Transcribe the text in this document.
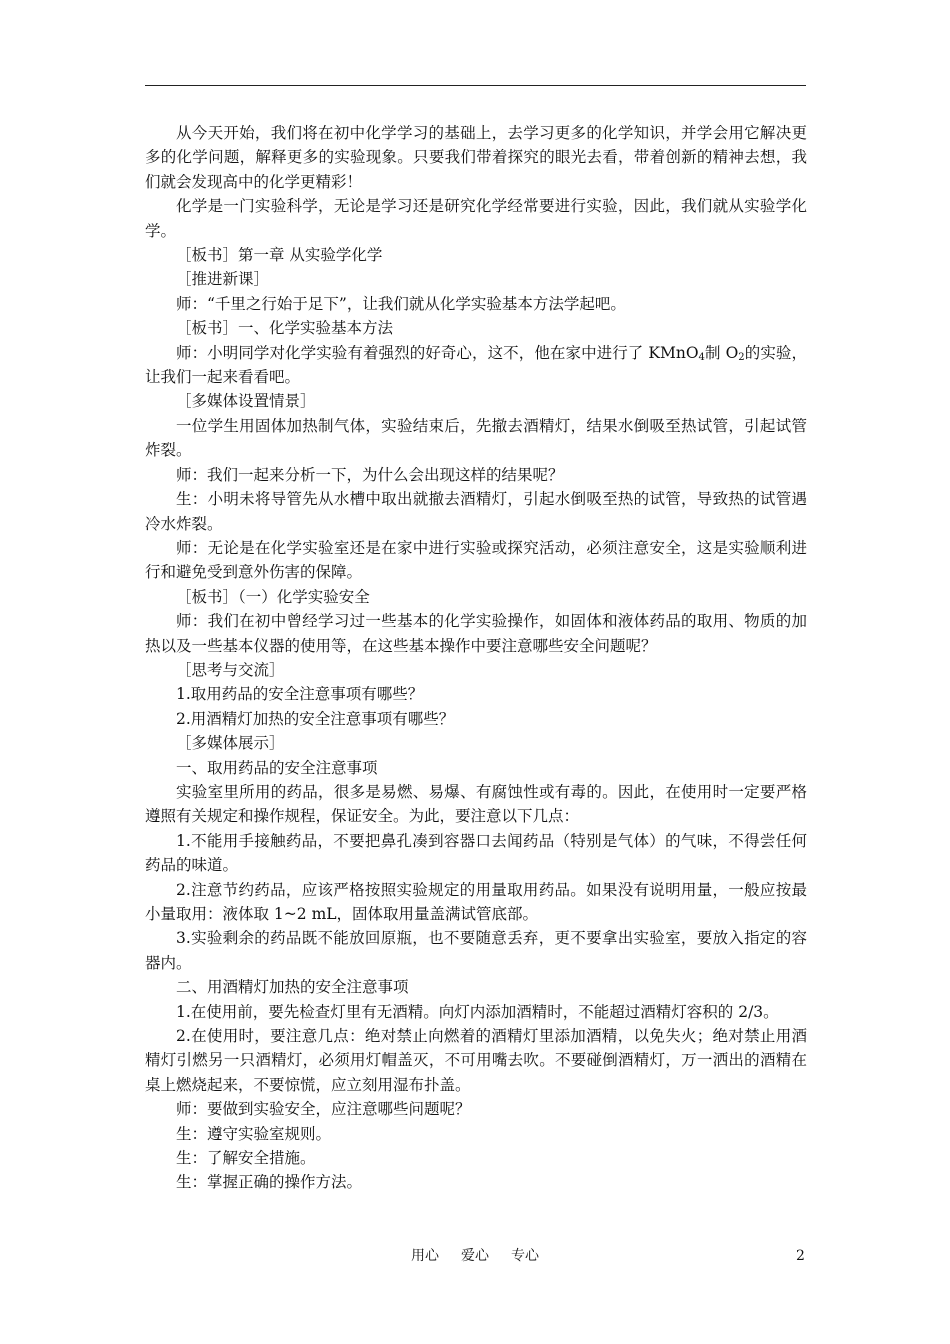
从今天开始，我们将在初中化学学习的基础上，去学习更多的化学知识，并学会用它解决更多的化学问题，解释更多的实验现象。只要我们带着探究的眼光去看，带着创新的精神去想，我们就会发现高中的化学更精彩！

化学是一门实验科学，无论是学习还是研究化学经常要进行实验，因此，我们就从实验学化学。

［板书］第一章 从实验学化学

［推进新课］

师：“千里之行始于足下”，让我们就从化学实验基本方法学起吧。

［板书］一、化学实验基本方法

师：小明同学对化学实验有着强烈的好奇心，这不，他在家中进行了 KMnO$_4$制 $O_2$的实验，让我们一起来看看吧。

［多媒体设置情景］

一位学生用固体加热制气体，实验结束后，先撤去酒精灯，结果水倒吸至热试管，引起试管炸裂。

师：我们一起来分析一下，为什么会出现这样的结果呢？

生：小明未将导管先从水槽中取出就撤去酒精灯，引起水倒吸至热的试管，导致热的试管遇冷水炸裂。

师：无论是在化学实验室还是在家中进行实验或探究活动，必须注意安全，这是实验顺利进行和避免受到意外伤害的保障。

［板书］（一）化学实验安全

师：我们在初中曾经学习过一些基本的化学实验操作，如固体和液体药品的取用、物质的加热以及一些基本仪器的使用等，在这些基本操作中要注意哪些安全问题呢？

［思考与交流］

1.取用药品的安全注意事项有哪些？

2.用酒精灯加热的安全注意事项有哪些？

［多媒体展示］

一、取用药品的安全注意事项

实验室里所用的药品，很多是易燃、易爆、有腐蚀性或有毒的。因此，在使用时一定要严格遵照有关规定和操作规程，保证安全。为此，要注意以下几点：

1.不能用手接触药品，不要把鼻孔凑到容器口去闻药品（特别是气体）的气味，不得尝任何药品的味道。

2.注意节约药品，应该严格按照实验规定的用量取用药品。如果没有说明用量，一般应按最小量取用：液体取 1~2 mL，固体取用量盖满试管底部。

3.实验剩余的药品既不能放回原瓶，也不要随意丢弃，更不要拿出实验室，要放入指定的容器内。

二、用酒精灯加热的安全注意事项

1.在使用前，要先检查灯里有无酒精。向灯内添加酒精时，不能超过酒精灯容积的 2/3。

2.在使用时，要注意几点：绝对禁止向燃着的酒精灯里添加酒精，以免失火；绝对禁止用酒精灯引燃另一只酒精灯，必须用灯帽盖灭，不可用嘴去吹。不要碰倒酒精灯，万一洒出的酒精在桌上燃烧起来，不要惊慌，应立刻用湿布扑盖。

师：要做到实验安全，应注意哪些问题呢？

生：遵守实验室规则。

生：了解安全措施。

生：掌握正确的操作方法。

用心 爱心 专心	2
